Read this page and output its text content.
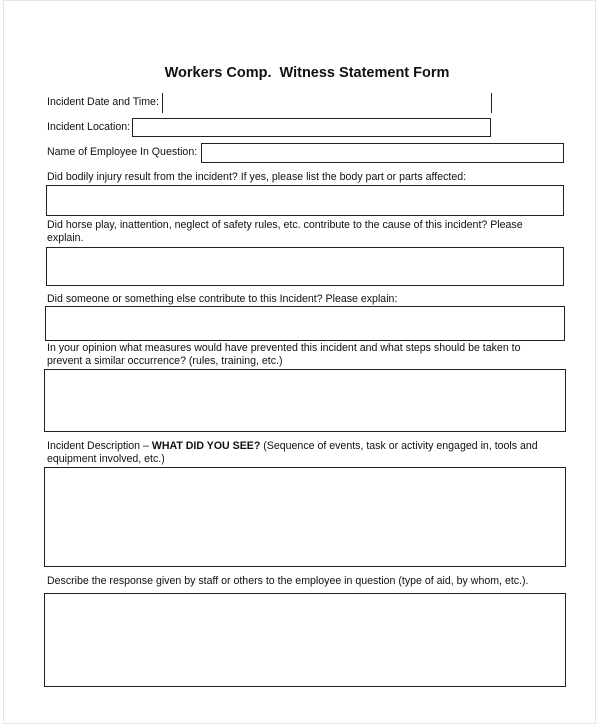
Workers Comp.  Witness Statement Form
Incident Date and Time:
Incident Location:
Name of Employee In Question:
Did bodily injury result from the incident? If yes, please list the body part or parts affected:
Did horse play, inattention, neglect of safety rules, etc. contribute to the cause of this incident? Please explain.
Did someone or something else contribute to this Incident? Please explain:
In your opinion what measures would have prevented this incident and what steps should be taken to prevent a similar occurrence? (rules, training, etc.)
Incident Description – WHAT DID YOU SEE? (Sequence of events, task or activity engaged in, tools and equipment involved, etc.)
Describe the response given by staff or others to the employee in question (type of aid, by whom, etc.).
